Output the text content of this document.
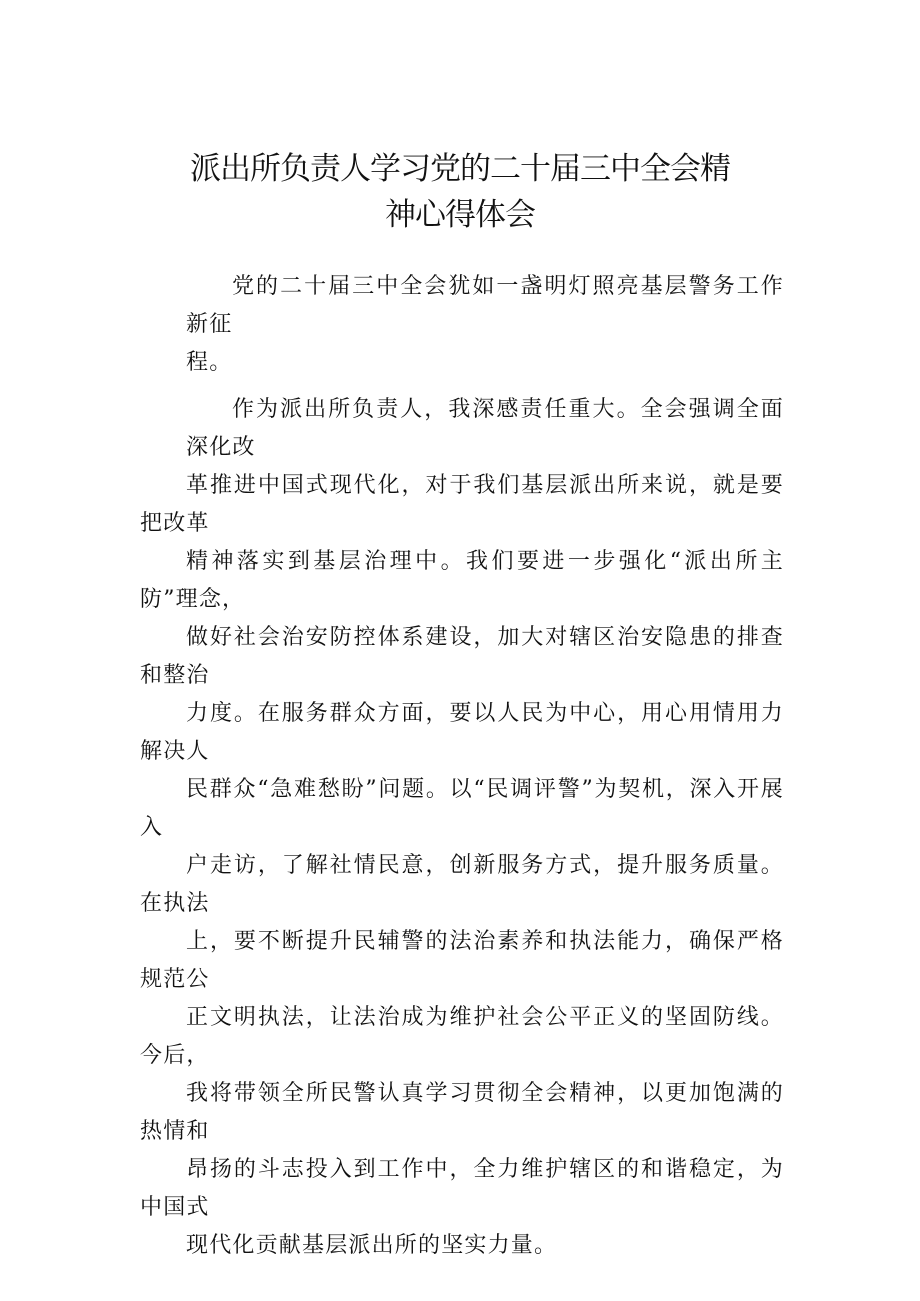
派出所负责人学习党的二十届三中全会精
神心得体会
党的二十届三中全会犹如一盏明灯照亮基层警务工作新征
程。
作为派出所负责人，我深感责任重大。全会强调全面深化改
革推进中国式现代化，对于我们基层派出所来说，就是要把改革
精神落实到基层治理中。我们要进一步强化“派出所主防”理念，
做好社会治安防控体系建设，加大对辖区治安隐患的排查和整治
力度。在服务群众方面，要以人民为中心，用心用情用力解决人
民群众“急难愁盼”问题。以“民调评警”为契机，深入开展入
户走访，了解社情民意，创新服务方式，提升服务质量。在执法
上，要不断提升民辅警的法治素养和执法能力，确保严格规范公
正文明执法，让法治成为维护社会公平正义的坚固防线。今后，
我将带领全所民警认真学习贯彻全会精神，以更加饱满的热情和
昂扬的斗志投入到工作中，全力维护辖区的和谐稳定，为中国式
现代化贡献基层派出所的坚实力量。
